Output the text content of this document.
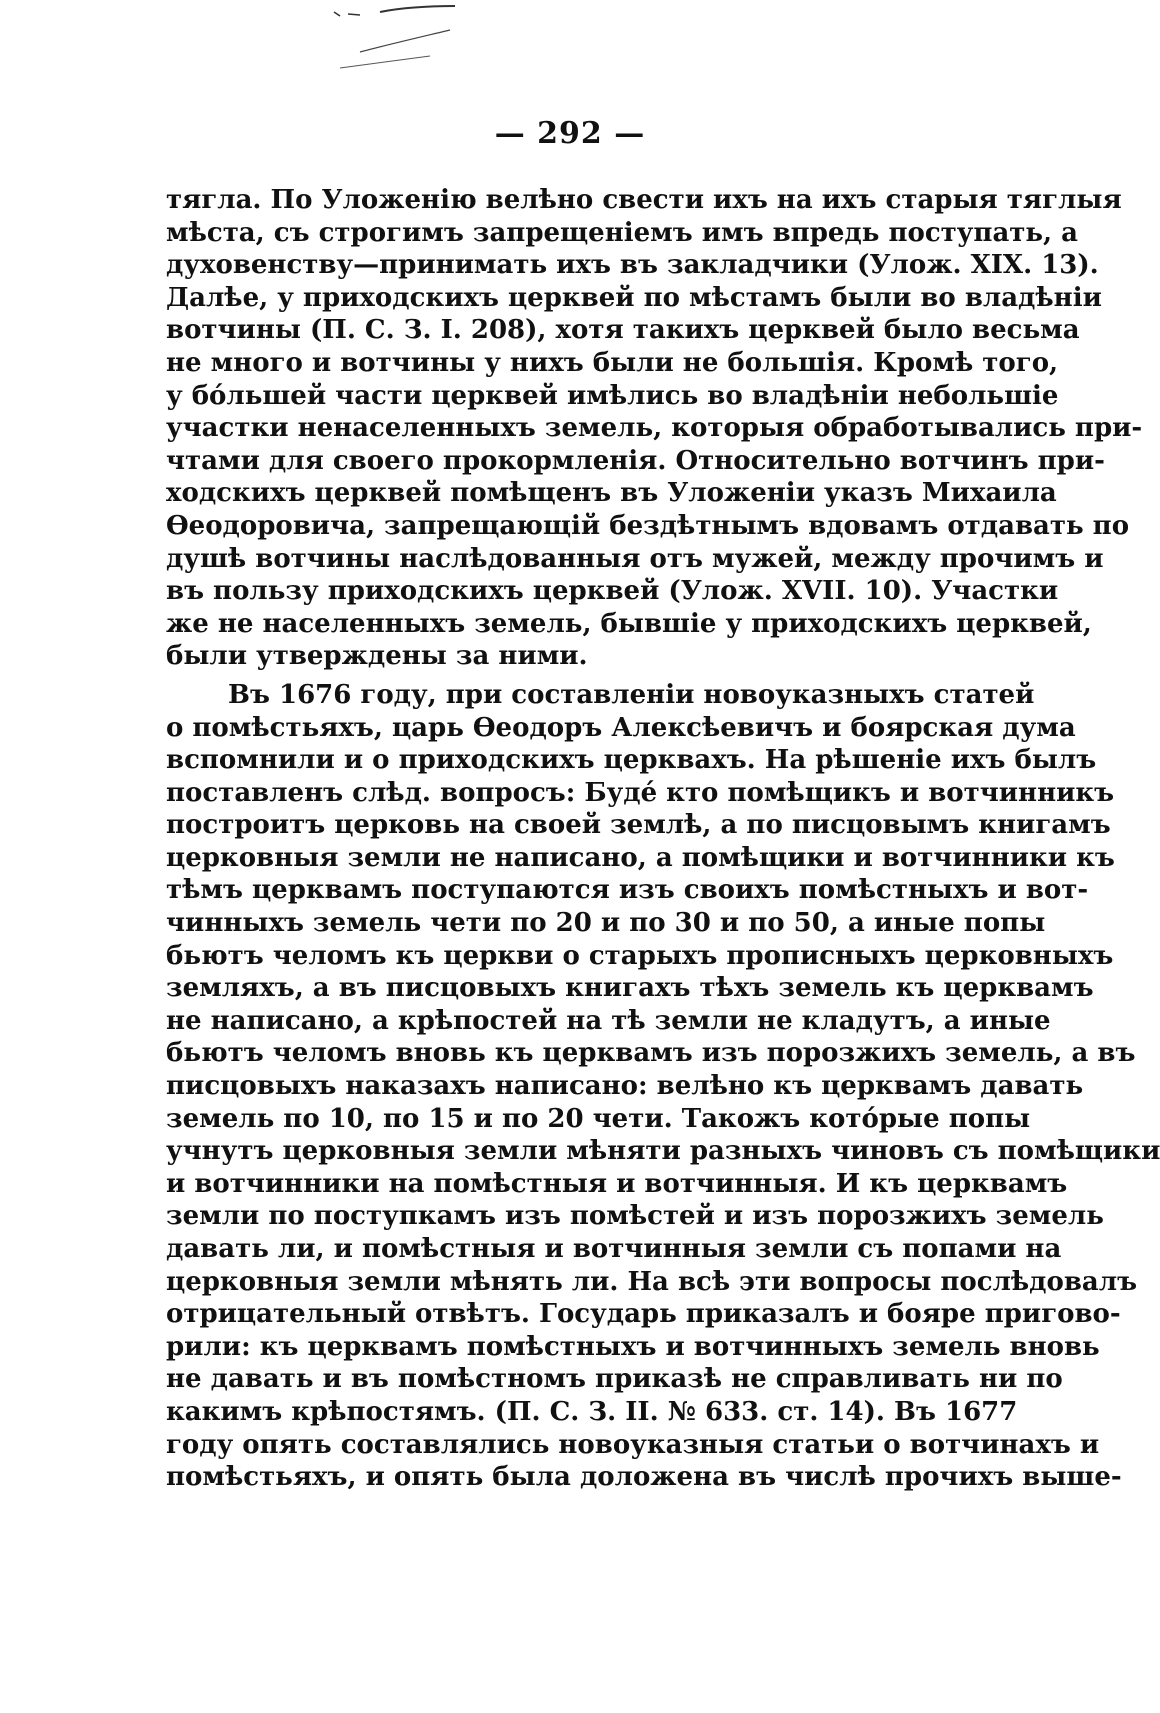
— 292 —
тягла. По Уложенію велѣно свести ихъ на ихъ старыя тяглыя
мѣста, съ строгимъ запрещеніемъ имъ впредь поступать, а
духовенству—принимать ихъ въ закладчики (Улож. XIX. 13).
Далѣе, у приходскихъ церквей по мѣстамъ были во владѣніи
вотчины (П. С. З. I. 208), хотя такихъ церквей было весьма
не много и вотчины у нихъ были не большія. Кромѣ того,
у бóльшей части церквей имѣлись во владѣніи небольшіе
участки ненаселенныхъ земель, которыя обработывались при-
чтами для своего прокормленія. Относительно вотчинъ при-
ходскихъ церквей помѣщенъ въ Уложеніи указъ Михаила
Ѳеодоровича, запрещающій бездѣтнымъ вдовамъ отдавать по
душѣ вотчины наслѣдованныя отъ мужей, между прочимъ и
въ пользу приходскихъ церквей (Улож. XVII. 10). Участки
же не населенныхъ земель, бывшіе у приходскихъ церквей,
были утверждены за ними.
Въ 1676 году, при составленіи новоуказныхъ статей
о помѣстьяхъ, царь Ѳеодоръ Алексѣевичъ и боярская дума
вспомнили и о приходскихъ церквахъ. На рѣшеніе ихъ былъ
поставленъ слѣд. вопросъ: Будé кто помѣщикъ и вотчинникъ
построитъ церковь на своей землѣ, а по писцовымъ книгамъ
церковныя земли не написано, а помѣщики и вотчинники къ
тѣмъ церквамъ поступаются изъ своихъ помѣстныхъ и вот-
чинныхъ земель чети по 20 и по 30 и по 50, а иные попы
бьютъ челомъ къ церкви о старыхъ прописныхъ церковныхъ
земляхъ, а въ писцовыхъ книгахъ тѣхъ земель къ церквамъ
не написано, а крѣпостей на тѣ земли не кладутъ, а иные
бьютъ челомъ вновь къ церквамъ изъ порозжихъ земель, а въ
писцовыхъ наказахъ написано: велѣно къ церквамъ давать
земель по 10, по 15 и по 20 чети. Такожъ котóрые попы
учнутъ церковныя земли мѣняти разныхъ чиновъ съ помѣщики
и вотчинники на помѣстныя и вотчинныя. И къ церквамъ
земли по поступкамъ изъ помѣстей и изъ порозжихъ земель
давать ли, и помѣстныя и вотчинныя земли съ попами на
церковныя земли мѣнять ли. На всѣ эти вопросы послѣдовалъ
отрицательный отвѣтъ. Государь приказалъ и бояре пригово-
рили: къ церквамъ помѣстныхъ и вотчинныхъ земель вновь
не давать и въ помѣстномъ приказѣ не справливать ни по
какимъ крѣпостямъ. (П. С. З. II. № 633. ст. 14). Въ 1677
году опять составлялись новоуказныя статьи о вотчинахъ и
помѣстьяхъ, и опять была доложена въ числѣ прочихъ выше-
